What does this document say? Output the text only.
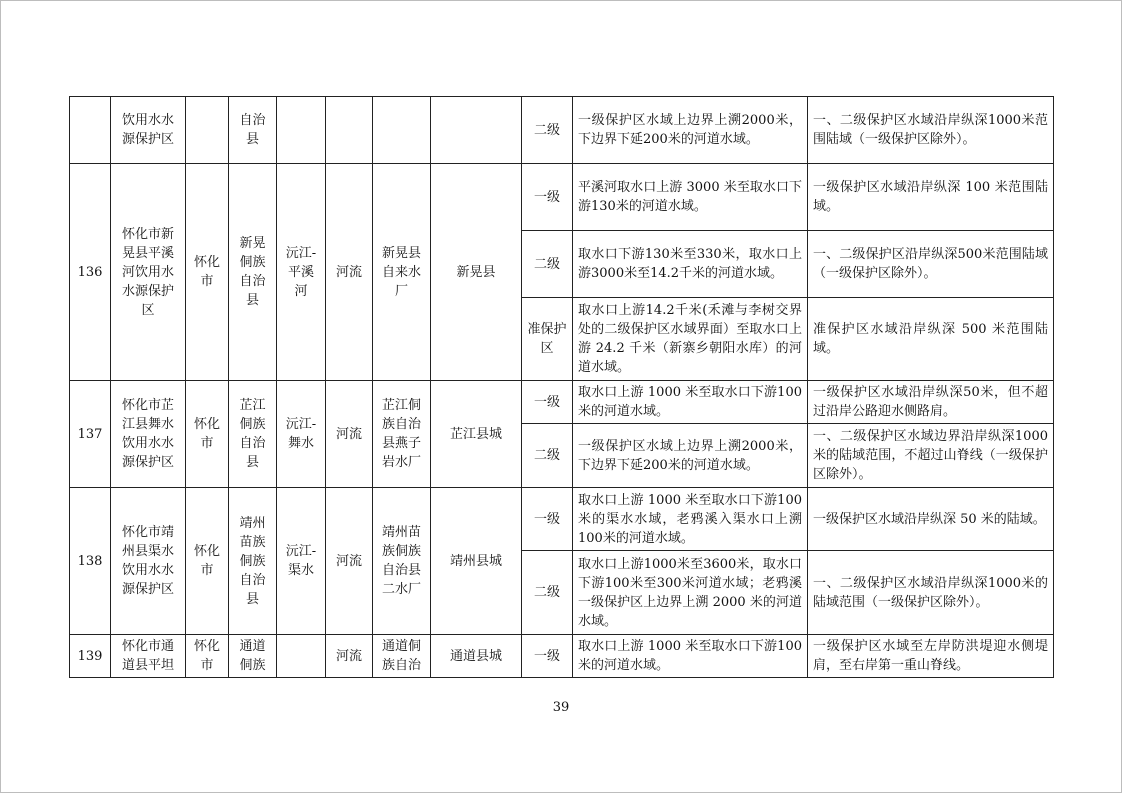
	饮用水水源保护区		自治县					二级	一级保护区水域上边界上溯2000米，下边界下延200米的河道水域。	一、二级保护区水域沿岸纵深1000米范围陆域（一级保护区除外）。
136	怀化市新晃县平溪河饮用水水源保护区	怀化市	新晃侗族自治县	沅江-平溪河	河流	新晃县自来水厂	新晃县	一级	平溪河取水口上游 3000 米至取水口下游130米的河道水域。	一级保护区水域沿岸纵深 100 米范围陆域。
								二级	取水口下游130米至330米，取水口上游3000米至14.2千米的河道水域。	一、二级保护区沿岸纵深500米范围陆域（一级保护区除外）。
								准保护区	取水口上游14.2千米(禾滩与李树交界处的二级保护区水域界面）至取水口上游 24.2 千米（新寨乡朝阳水库）的河道水域。	准保护区水域沿岸纵深 500 米范围陆域。
137	怀化市芷江县舞水饮用水水源保护区	怀化市	芷江侗族自治县	沅江-舞水	河流	芷江侗族自治县燕子岩水厂	芷江县城	一级	取水口上游 1000 米至取水口下游100米的河道水域。	一级保护区水域沿岸纵深50米，但不超过沿岸公路迎水侧路肩。
								二级	一级保护区水域上边界上溯2000米，下边界下延200米的河道水域。	一、二级保护区水域边界沿岸纵深1000米的陆域范围，不超过山脊线（一级保护区除外）。
138	怀化市靖州县渠水饮用水水源保护区	怀化市	靖州苗族侗族自治县	沅江-渠水	河流	靖州苗族侗族自治县二水厂	靖州县城	一级	取水口上游 1000 米至取水口下游100米的渠水水域，老鸦溪入渠水口上溯100米的河道水域。	一级保护区水域沿岸纵深 50 米的陆域。
								二级	取水口上游1000米至3600米，取水口下游100米至300米河道水域；老鸦溪一级保护区上边界上溯 2000 米的河道水域。	一、二级保护区水域沿岸纵深1000米的陆域范围（一级保护区除外）。
139	怀化市通道县平坦	怀化市	通道侗族		河流	通道侗族自治	通道县城	一级	取水口上游 1000 米至取水口下游100米的河道水域。	一级保护区水域至左岸防洪堤迎水侧堤肩，至右岸第一重山脊线。
39
